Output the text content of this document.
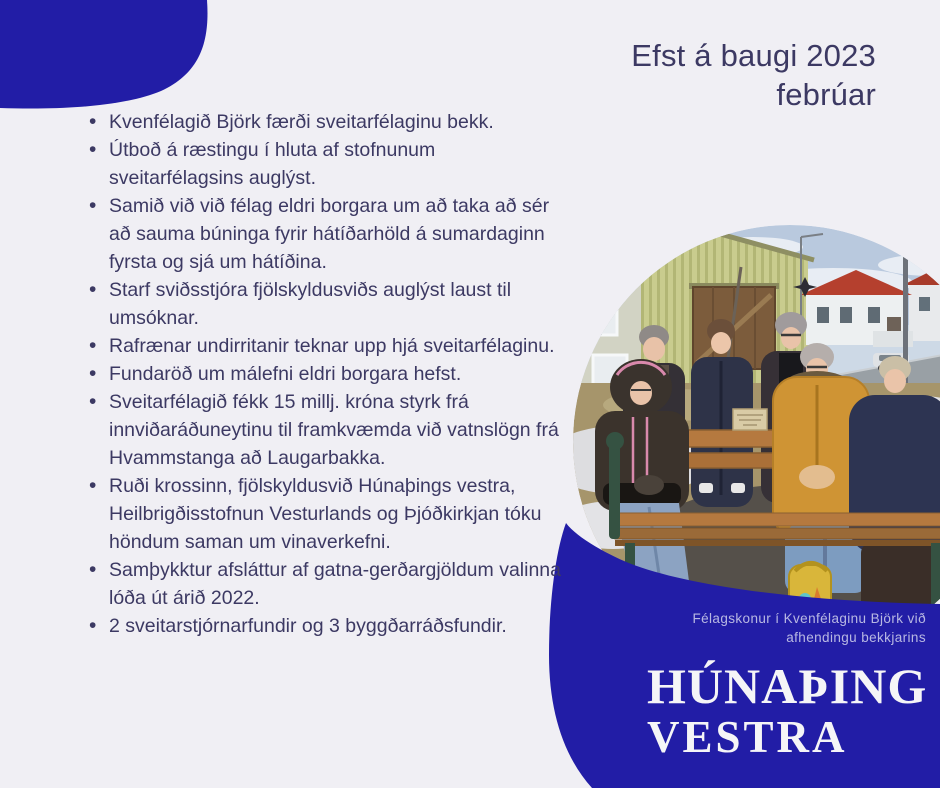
Efst á baugi 2023
febrúar
• Kvenfélagið Björk færði sveitarfélaginu bekk.
• Útboð á ræstingu í hluta af stofnunum sveitarfélagsins auglýst.
• Samið við við félag eldri borgara um að taka að sér að sauma búninga fyrir hátíðarhöld á sumardaginn fyrsta og sjá um hátíðina.
• Starf sviðsstjóra fjölskyldusviðs auglýst laust til umsóknar.
• Rafrænar undirritanir teknar upp hjá sveitarfélaginu.
• Fundaröð um málefni eldri borgara hefst.
• Sveitarfélagið fékk 15 millj. króna styrk frá innviðaráðuneytinu til framkvæmda við vatnslögn frá Hvammstanga að Laugarbakka.
• Ruði krossinn, fjölskyldusvið Húnaþings vestra, Heilbrigðisstofnun Vesturlands og Þjóðkirkjan tóku höndum saman um vinaverkefni.
• Samþykktur afsláttur af gatna-gerðargjöldum valinna lóða út árið 2022.
• 2 sveitarstjórnarfundir og 3 byggðarráðsfundir.	Félagskonur í Kvenfélaginu Björk við
afhendingu bekkjarins
HÚNAÞING
VESTRA
